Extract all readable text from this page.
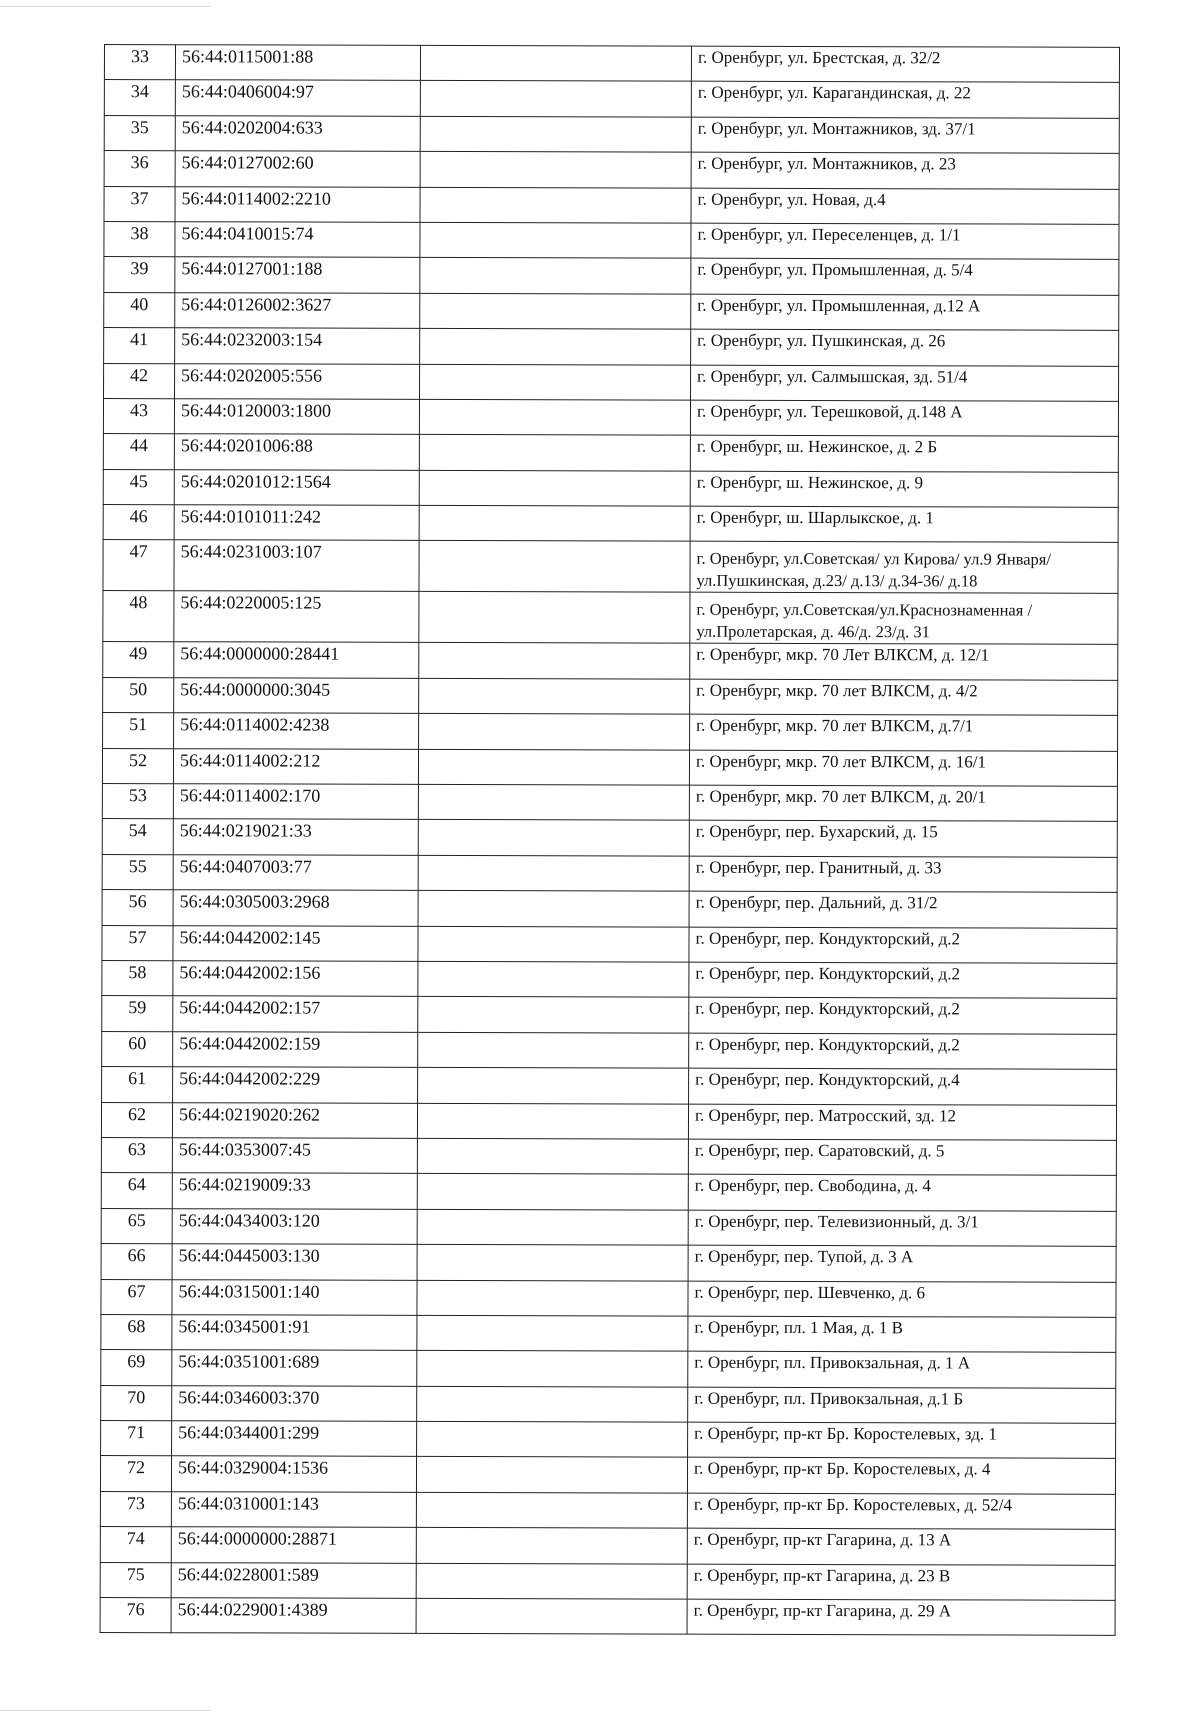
33	56:44:0115001:88		г. Оренбург, ул. Брестская, д. 32/2
34	56:44:0406004:97		г. Оренбург, ул. Карагандинская, д. 22
35	56:44:0202004:633		г. Оренбург, ул. Монтажников, зд. 37/1
36	56:44:0127002:60		г. Оренбург, ул. Монтажников, д. 23
37	56:44:0114002:2210		г. Оренбург, ул. Новая, д.4
38	56:44:0410015:74		г. Оренбург, ул. Переселенцев, д. 1/1
39	56:44:0127001:188		г. Оренбург, ул. Промышленная, д. 5/4
40	56:44:0126002:3627		г. Оренбург, ул. Промышленная, д.12 А
41	56:44:0232003:154		г. Оренбург, ул. Пушкинская, д. 26
42	56:44:0202005:556		г. Оренбург, ул. Салмышская, зд. 51/4
43	56:44:0120003:1800		г. Оренбург, ул. Терешковой, д.148 А
44	56:44:0201006:88		г. Оренбург, ш. Нежинское, д. 2 Б
45	56:44:0201012:1564		г. Оренбург, ш. Нежинское, д. 9
46	56:44:0101011:242		г. Оренбург, ш. Шарлыкское, д. 1
47	56:44:0231003:107		г. Оренбург, ул.Советская/ ул Кирова/ ул.9 Января/ул.Пушкинская, д.23/ д.13/ д.34-36/ д.18
48	56:44:0220005:125		г. Оренбург, ул.Советская/ул.Краснознаменная /ул.Пролетарская, д. 46/д. 23/д. 31
49	56:44:0000000:28441		г. Оренбург, мкр. 70 Лет ВЛКСМ, д. 12/1
50	56:44:0000000:3045		г. Оренбург, мкр. 70 лет ВЛКСМ, д. 4/2
51	56:44:0114002:4238		г. Оренбург, мкр. 70 лет ВЛКСМ, д.7/1
52	56:44:0114002:212		г. Оренбург, мкр. 70 лет ВЛКСМ, д. 16/1
53	56:44:0114002:170		г. Оренбург, мкр. 70 лет ВЛКСМ, д. 20/1
54	56:44:0219021:33		г. Оренбург, пер. Бухарский, д. 15
55	56:44:0407003:77		г. Оренбург, пер. Гранитный, д. 33
56	56:44:0305003:2968		г. Оренбург, пер. Дальний, д. 31/2
57	56:44:0442002:145		г. Оренбург, пер. Кондукторский, д.2
58	56:44:0442002:156		г. Оренбург, пер. Кондукторский, д.2
59	56:44:0442002:157		г. Оренбург, пер. Кондукторский, д.2
60	56:44:0442002:159		г. Оренбург, пер. Кондукторский, д.2
61	56:44:0442002:229		г. Оренбург, пер. Кондукторский, д.4
62	56:44:0219020:262		г. Оренбург, пер. Матросский, зд. 12
63	56:44:0353007:45		г. Оренбург, пер. Саратовский, д. 5
64	56:44:0219009:33		г. Оренбург, пер. Свободина, д. 4
65	56:44:0434003:120		г. Оренбург, пер. Телевизионный, д. 3/1
66	56:44:0445003:130		г. Оренбург, пер. Тупой, д. 3 А
67	56:44:0315001:140		г. Оренбург, пер. Шевченко, д. 6
68	56:44:0345001:91		г. Оренбург, пл. 1 Мая, д. 1 В
69	56:44:0351001:689		г. Оренбург, пл. Привокзальная, д. 1 А
70	56:44:0346003:370		г. Оренбург, пл. Привокзальная, д.1 Б
71	56:44:0344001:299		г. Оренбург, пр-кт Бр. Коростелевых, зд. 1
72	56:44:0329004:1536		г. Оренбург, пр-кт Бр. Коростелевых, д. 4
73	56:44:0310001:143		г. Оренбург, пр-кт Бр. Коростелевых, д. 52/4
74	56:44:0000000:28871		г. Оренбург, пр-кт Гагарина, д. 13 А
75	56:44:0228001:589		г. Оренбург, пр-кт Гагарина, д. 23 В
76	56:44:0229001:4389		г. Оренбург, пр-кт Гагарина, д. 29 А
